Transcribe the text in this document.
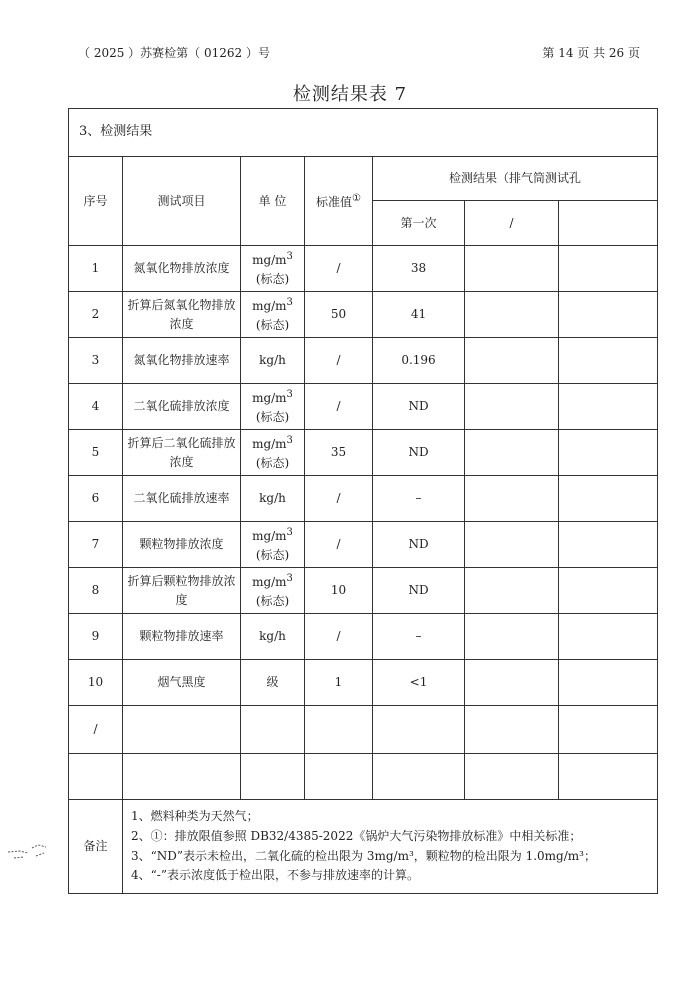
（ 2025 ）苏赛检第（ 01262 ）号	第 14 页 共 26 页
检测结果表 7
3、检测结果						
序号	测试项目	单 位	标准值①	检测结果（排气筒测试孔		
				第一次	/	
1	氮氧化物排放浓度	$mg/m^3$
(标态)	/	38		
2	折算后氮氧化物排放浓度	$mg/m^3$
(标态)	50	41		
3	氮氧化物排放速率	kg/h	/	0.196		
4	二氧化硫排放浓度	$mg/m^3$
(标态)	/	ND		
5	折算后二氧化硫排放浓度	$mg/m^3$
(标态)	35	ND		
6	二氧化硫排放速率	kg/h	/	–		
7	颗粒物排放浓度	$mg/m^3$
(标态)	/	ND		
8	折算后颗粒物排放浓度	$mg/m^3$
(标态)	10	ND		
9	颗粒物排放速率	kg/h	/	–		
10	烟气黑度	级	1	<1		
/						

备注	1、燃料种类为天然气；
2、①：排放限值参照 DB32/4385-2022《锅炉大气污染物排放标准》中相关标准；
3、“ND”表示未检出，二氧化硫的检出限为 3mg/m³，颗粒物的检出限为 1.0mg/m³；
4、“-”表示浓度低于检出限，不参与排放速率的计算。					
